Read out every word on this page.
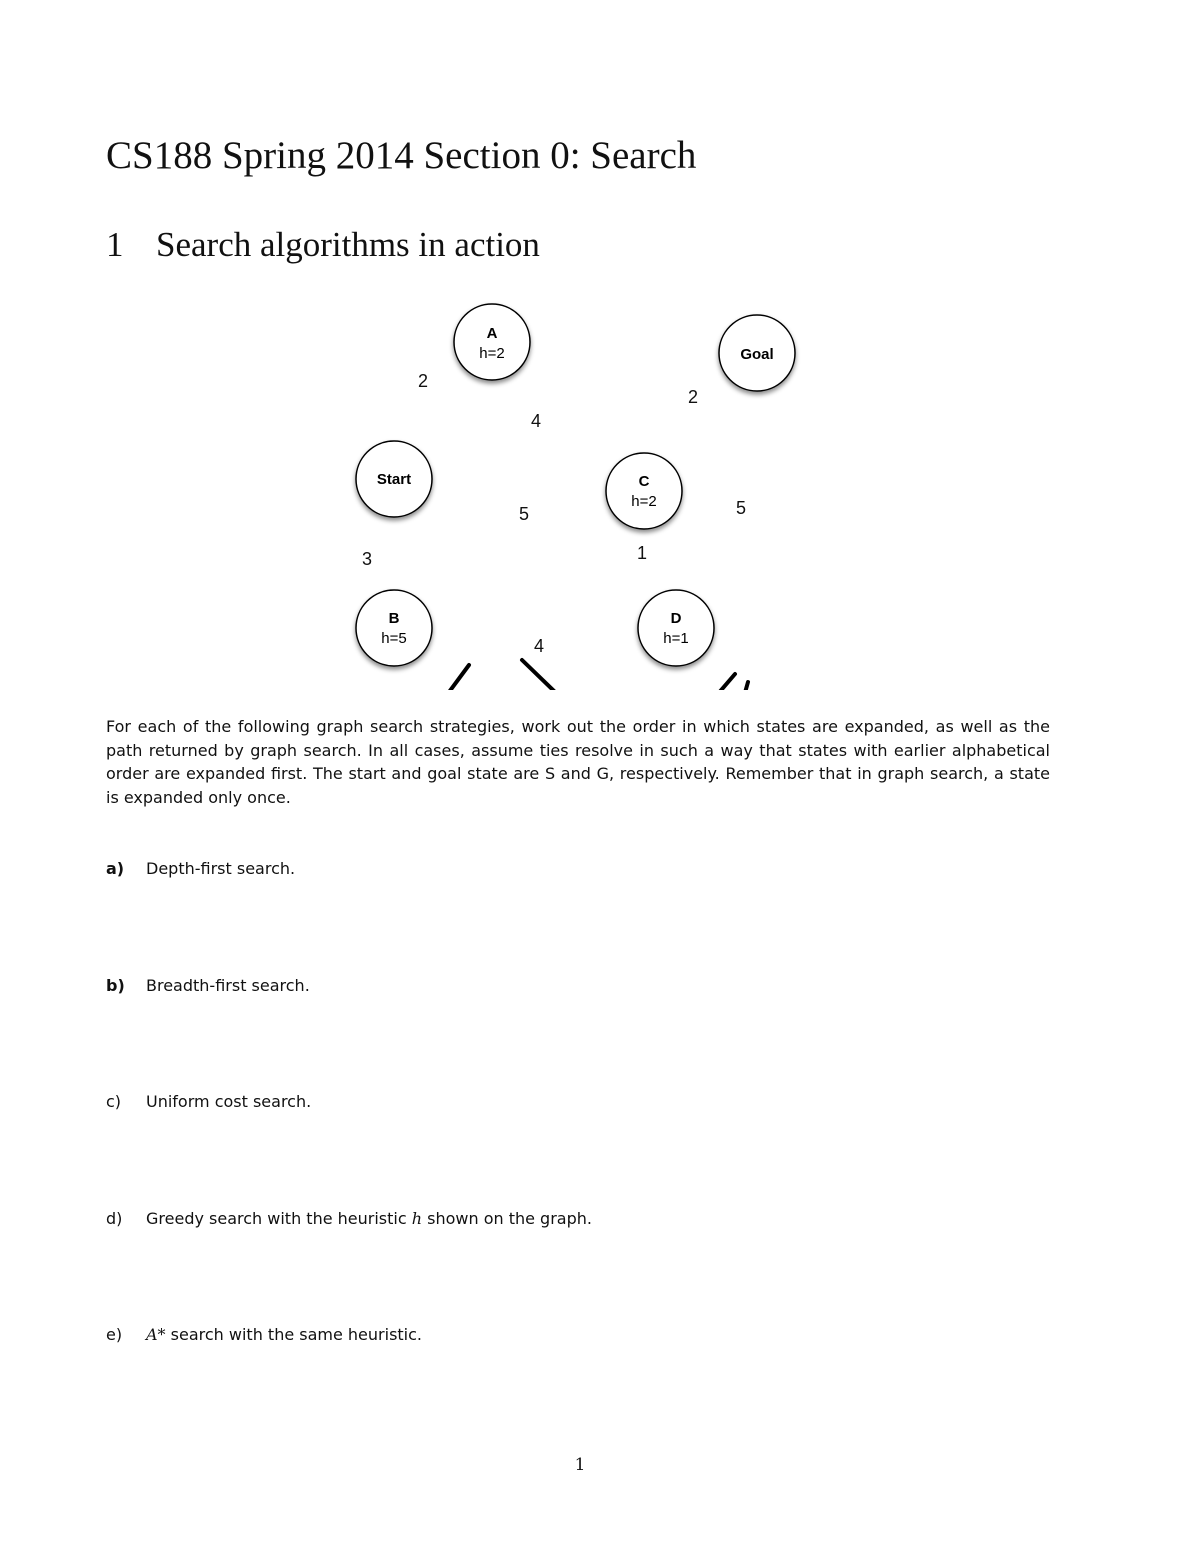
CS188 Spring 2014 Section 0: Search
1 Search algorithms in action
2
4
2
5
1
5
3
4
A
h=2	Goal
Start	C
h=2
B
h=5
D
h=1

For each of the following graph search strategies, work out the order in which states are expanded, as well as the path returned by graph search. In all cases, assume ties resolve in such a way that states with earlier alphabetical order are expanded first. The start and goal state are S and G, respectively. Remember that in graph search, a state is expanded only once.

a) Depth-first search.

b) Breadth-first search.

c) Uniform cost search.

d) Greedy search with the heuristic h shown on the graph.

e) A* search with the same heuristic.

1
